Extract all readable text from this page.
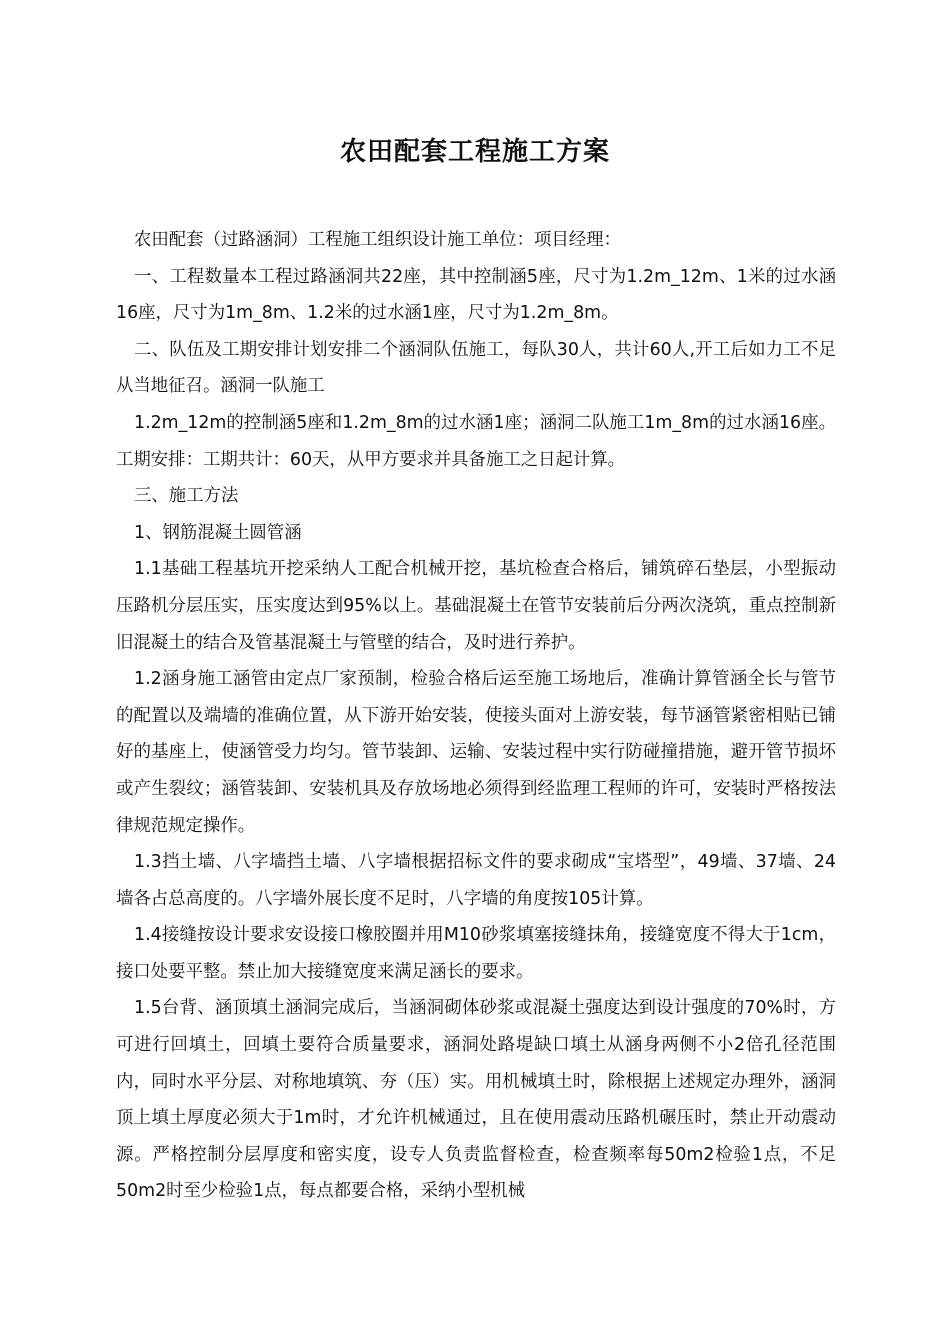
农田配套工程施工方案

农田配套（过路涵洞）工程施工组织设计施工单位：项目经理：

一、工程数量本工程过路涵洞共22座，其中控制涵5座，尺寸为1.2m_12m、1米的过水涵16座，尺寸为1m_8m、1.2米的过水涵1座，尺寸为1.2m_8m。

二、队伍及工期安排计划安排二个涵洞队伍施工，每队30人，共计60人,开工后如力工不足从当地征召。涵洞一队施工

1.2m_12m的控制涵5座和1.2m_8m的过水涵1座；涵洞二队施工1m_8m的过水涵16座。工期安排：工期共计：60天，从甲方要求并具备施工之日起计算。

三、施工方法

1、钢筋混凝土圆管涵

1.1基础工程基坑开挖采纳人工配合机械开挖，基坑检查合格后，铺筑碎石垫层，小型振动压路机分层压实，压实度达到95%以上。基础混凝土在管节安装前后分两次浇筑，重点控制新旧混凝土的结合及管基混凝土与管壁的结合，及时进行养护。

1.2涵身施工涵管由定点厂家预制，检验合格后运至施工场地后，准确计算管涵全长与管节的配置以及端墙的准确位置，从下游开始安装，使接头面对上游安装，每节涵管紧密相贴已铺好的基座上，使涵管受力均匀。管节装卸、运输、安装过程中实行防碰撞措施，避开管节损坏或产生裂纹；涵管装卸、安装机具及存放场地必须得到经监理工程师的许可，安装时严格按法律规范规定操作。

1.3挡土墙、八字墙挡土墙、八字墙根据招标文件的要求砌成“宝塔型”，49墙、37墙、24墙各占总高度的。八字墙外展长度不足时，八字墙的角度按105计算。

1.4接缝按设计要求安设接口橡胶圈并用M10砂浆填塞接缝抹角，接缝宽度不得大于1cm，接口处要平整。禁止加大接缝宽度来满足涵长的要求。

1.5台背、涵顶填土涵洞完成后，当涵洞砌体砂浆或混凝土强度达到设计强度的70%时，方可进行回填土，回填土要符合质量要求，涵洞处路堤缺口填土从涵身两侧不小2倍孔径范围内，同时水平分层、对称地填筑、夯（压）实。用机械填土时，除根据上述规定办理外，涵洞顶上填土厚度必须大于1m时，才允许机械通过，且在使用震动压路机碾压时，禁止开动震动源。严格控制分层厚度和密实度，设专人负责监督检查，检查频率每50m2检验1点，不足50m2时至少检验1点，每点都要合格，采纳小型机械
